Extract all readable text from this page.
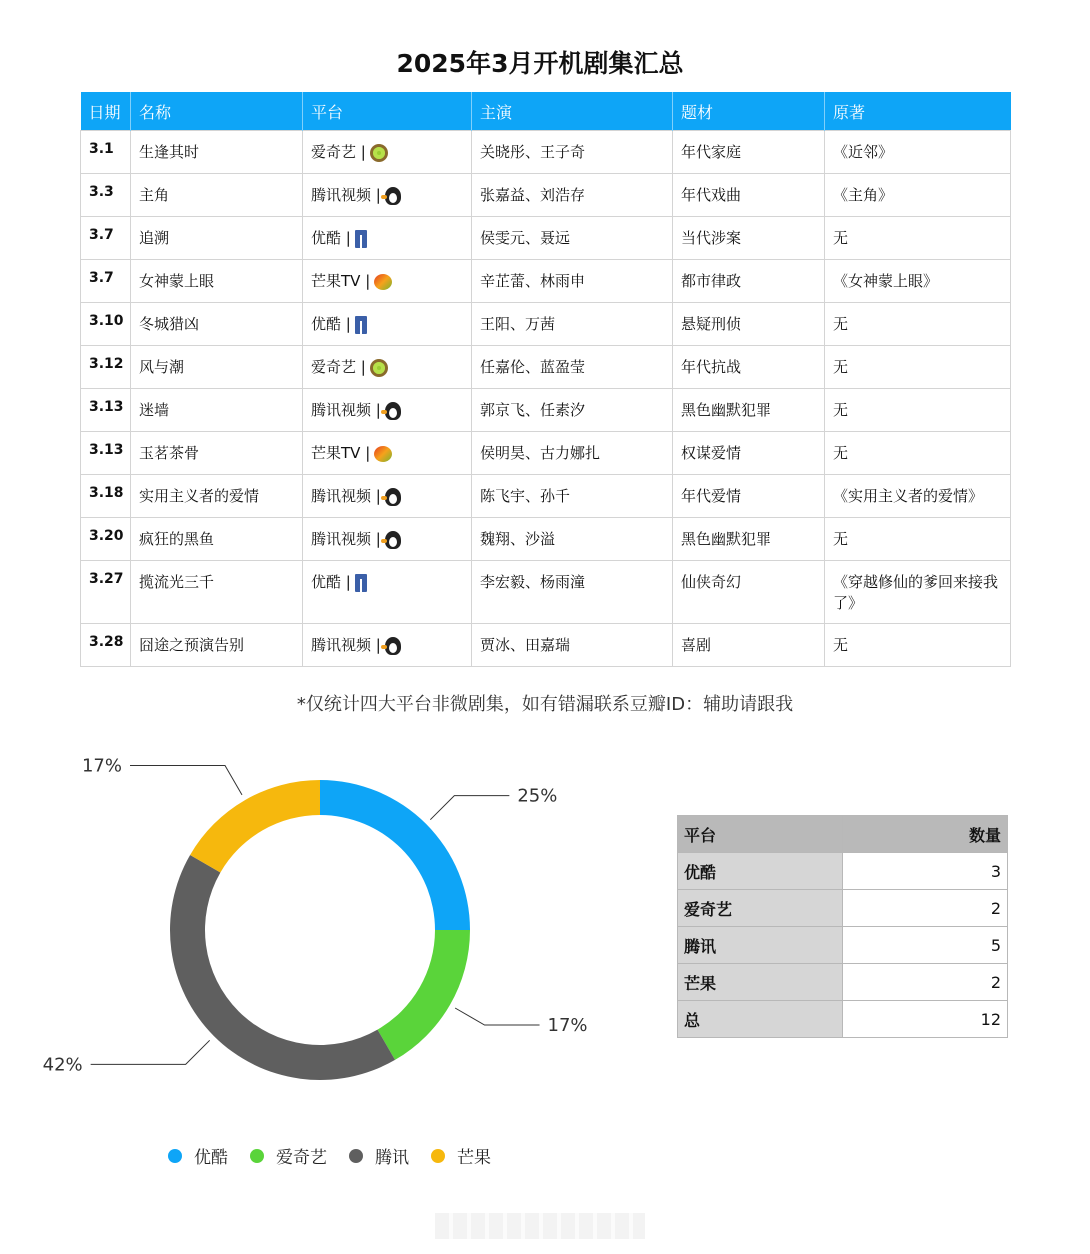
2025年3月开机剧集汇总
日期	名称	平台	主演	题材	原著
3.1	生逢其时	爱奇艺 |	关晓彤、王子奇	年代家庭	《近邻》
3.3	主角	腾讯视频 |	张嘉益、刘浩存	年代戏曲	《主角》
3.7	追溯	优酷 |	侯雯元、聂远	当代涉案	无
3.7	女神蒙上眼	芒果TV |	辛芷蕾、林雨申	都市律政	《女神蒙上眼》
3.10	冬城猎凶	优酷 |	王阳、万茜	悬疑刑侦	无
3.12	风与潮	爱奇艺 |	任嘉伦、蓝盈莹	年代抗战	无
3.13	迷墙	腾讯视频 |	郭京飞、任素汐	黑色幽默犯罪	无
3.13	玉茗茶骨	芒果TV |	侯明昊、古力娜扎	权谋爱情	无
3.18	实用主义者的爱情	腾讯视频 |	陈飞宇、孙千	年代爱情	《实用主义者的爱情》
3.20	疯狂的黑鱼	腾讯视频 |	魏翔、沙溢	黑色幽默犯罪	无
3.27	揽流光三千	优酷 |	李宏毅、杨雨潼	仙侠奇幻	《穿越修仙的爹回来接我了》
3.28	囧途之预演告别	腾讯视频 |	贾冰、田嘉瑞	喜剧	无
*仅统计四大平台非微剧集，如有错漏联系豆瓣ID：辅助请跟我
25%
17%
42%
17%
优酷	爱奇艺	腾讯	芒果
平台	数量
优酷	3
爱奇艺	2
腾讯	5
芒果	2
总	12
